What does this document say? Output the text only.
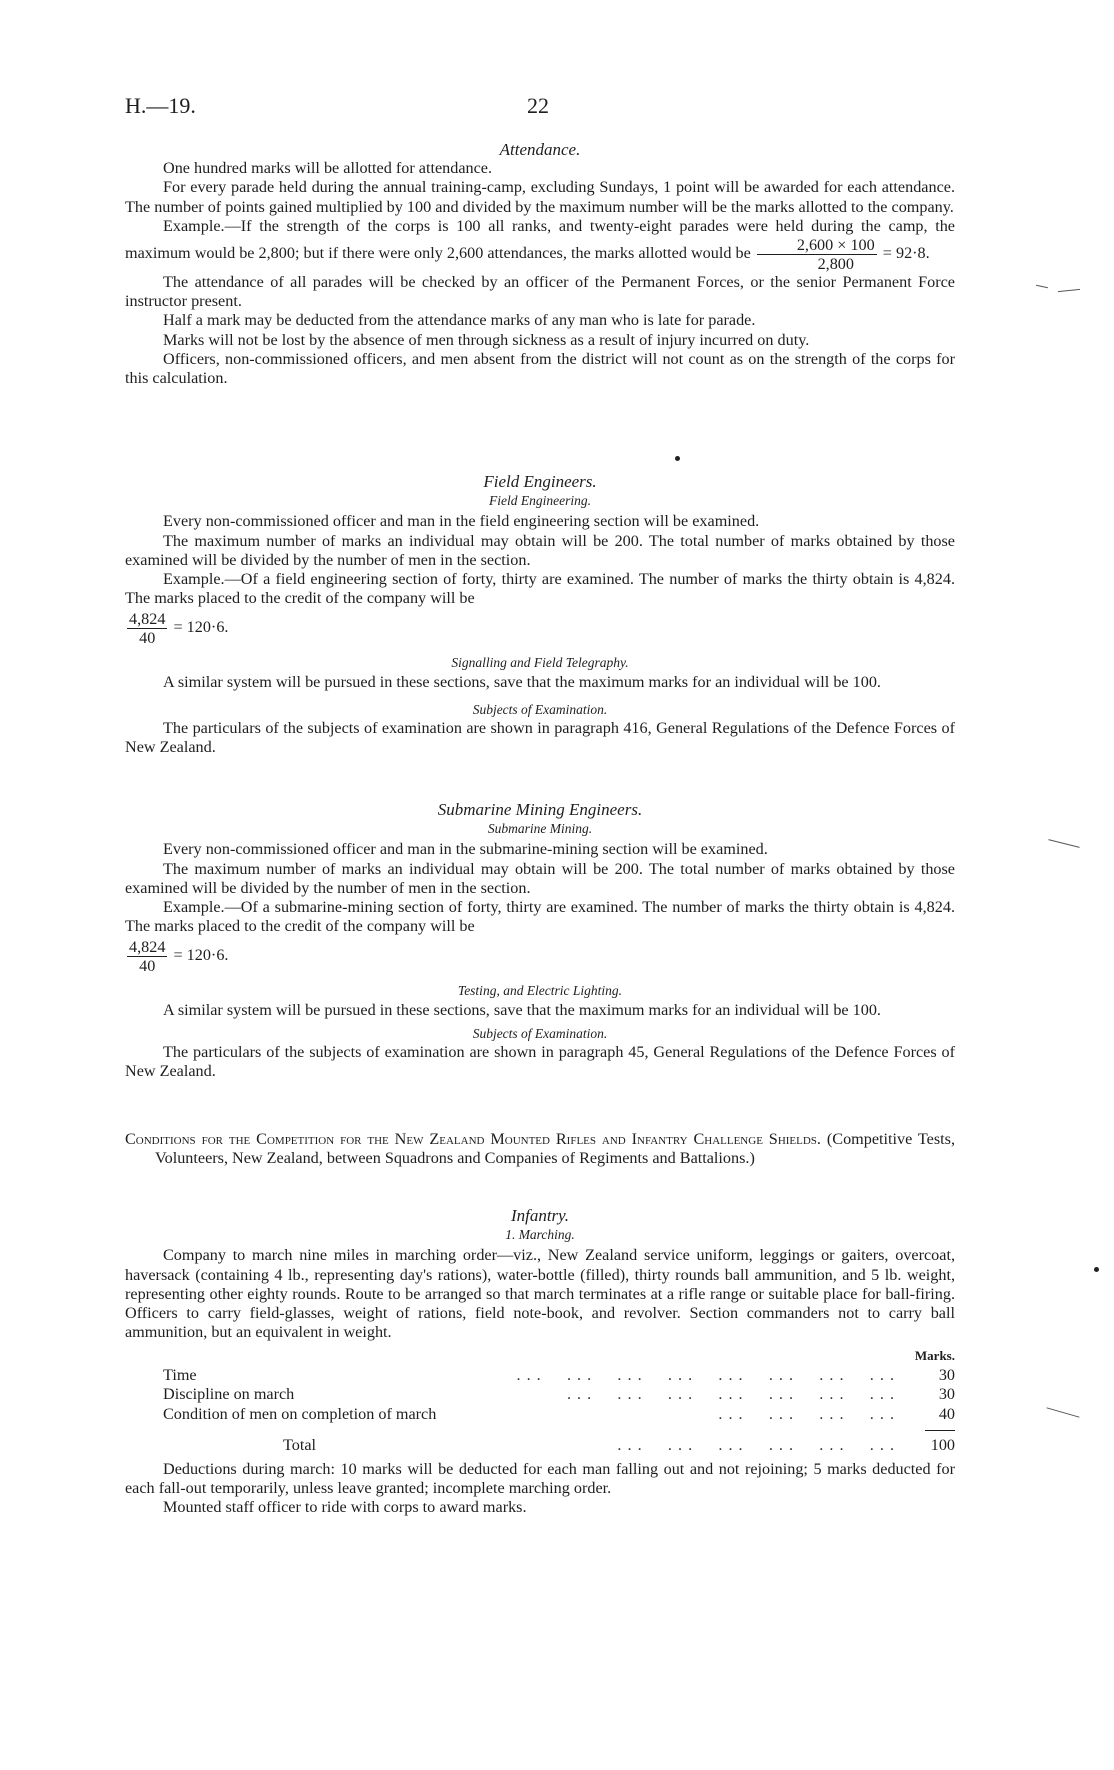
H.—19.	22
Attendance.

One hundred marks will be allotted for attendance.

For every parade held during the annual training-camp, excluding Sundays, 1 point will be awarded for each attendance. The number of points gained multiplied by 100 and divided by the maximum number will be the marks allotted to the company.

Example.—If the strength of the corps is 100 all ranks, and twenty-eight parades were held during the camp, the maximum would be 2,800; but if there were only 2,600 attendances, the marks allotted would be $\frac{2,600 \times 100}{2,800} = 92\cdot 8$.

The attendance of all parades will be checked by an officer of the Permanent Forces, or the senior Permanent Force instructor present.

Half a mark may be deducted from the attendance marks of any man who is late for parade.

Marks will not be lost by the absence of men through sickness as a result of injury incurred on duty.

Officers, non-commissioned officers, and men absent from the district will not count as on the strength of the corps for this calculation.

Field Engineers.
Field Engineering.

Every non-commissioned officer and man in the field engineering section will be examined.

The maximum number of marks an individual may obtain will be 200. The total number of marks obtained by those examined will be divided by the number of men in the section.

Example.—Of a field engineering section of forty, thirty are examined. The number of marks the thirty obtain is 4,824. The marks placed to the credit of the company will be

$\frac{4,824}{40} = 120\cdot 6$.
Signalling and Field Telegraphy.

A similar system will be pursued in these sections, save that the maximum marks for an individual will be 100.

Subjects of Examination.

The particulars of the subjects of examination are shown in paragraph 416, General Regulations of the Defence Forces of New Zealand.

Submarine Mining Engineers.
Submarine Mining.

Every non-commissioned officer and man in the submarine-mining section will be examined.

The maximum number of marks an individual may obtain will be 200. The total number of marks obtained by those examined will be divided by the number of men in the section.

Example.—Of a submarine-mining section of forty, thirty are examined. The number of marks the thirty obtain is 4,824. The marks placed to the credit of the company will be

$\frac{4,824}{40} = 120\cdot 6$.
Testing, and Electric Lighting.

A similar system will be pursued in these sections, save that the maximum marks for an individual will be 100.

Subjects of Examination.

The particulars of the subjects of examination are shown in paragraph 45, General Regulations of the Defence Forces of New Zealand.

Conditions for the Competition for the New Zealand Mounted Rifles and Infantry Challenge Shields. (Competitive Tests, Volunteers, New Zealand, between Squadrons and Companies of Regiments and Battalions.)
Infantry.
1. Marching.

Company to march nine miles in marching order—viz., New Zealand service uniform, leggings or gaiters, overcoat, haversack (containing 4 lb., representing day's rations), water-bottle (filled), thirty rounds ball ammunition, and 5 lb. weight, representing other eighty rounds. Route to be arranged so that march terminates at a rifle range or suitable place for ball-firing. Officers to carry field-glasses, weight of rations, field note-book, and revolver. Section commanders not to carry ball ammunition, but an equivalent in weight.

Marks.
. . .     . . .     . . .     . . .     . . .     . . .     . . .     . . .
Time	30
. . .     . . .     . . .     . . .     . . .     . . .     . . .
Discipline on march	30
. . .     . . .     . . .     . . .
Condition of men on completion of march	40
. . .     . . .     . . .     . . .     . . .     . . .
Total	100

Deductions during march: 10 marks will be deducted for each man falling out and not rejoining; 5 marks deducted for each fall-out temporarily, unless leave granted; incomplete marching order.

Mounted staff officer to ride with corps to award marks.
